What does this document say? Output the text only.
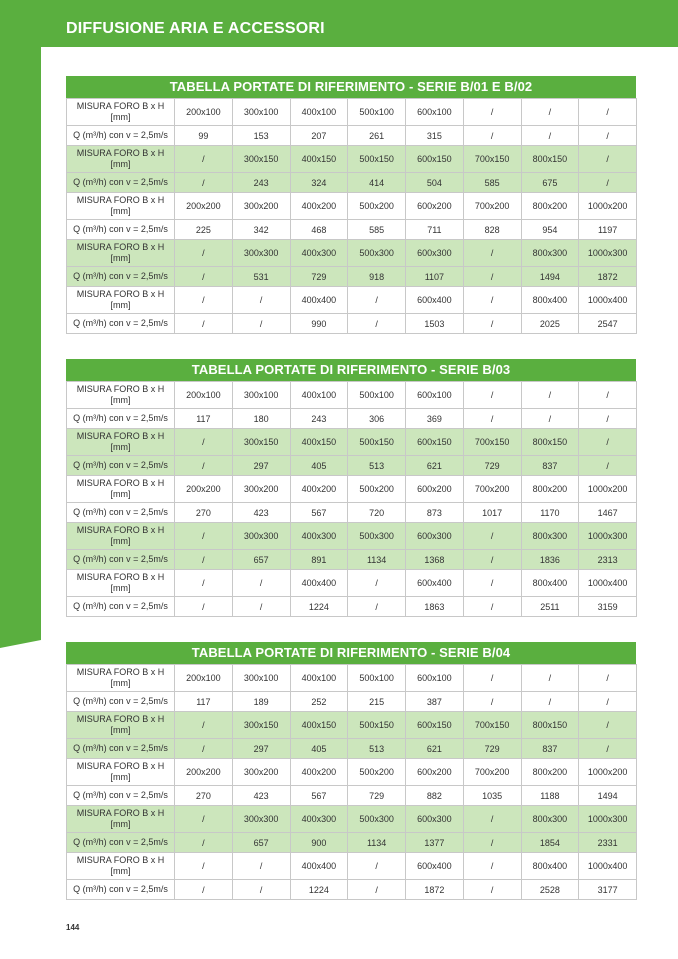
DIFFUSIONE ARIA E ACCESSORI
TABELLA PORTATE DI RIFERIMENTO - SERIE B/01 E B/02
MISURA FORO B x H [mm]	200x100	300x100	400x100	500x100	600x100	/	/	/
Q (m³/h) con v = 2,5m/s	99	153	207	261	315	/	/	/
MISURA FORO B x H [mm]	/	300x150	400x150	500x150	600x150	700x150	800x150	/
Q (m³/h) con v = 2,5m/s	/	243	324	414	504	585	675	/
MISURA FORO B x H [mm]	200x200	300x200	400x200	500x200	600x200	700x200	800x200	1000x200
Q (m³/h) con v = 2,5m/s	225	342	468	585	711	828	954	1197
MISURA FORO B x H [mm]	/	300x300	400x300	500x300	600x300	/	800x300	1000x300
Q (m³/h) con v = 2,5m/s	/	531	729	918	1107	/	1494	1872
MISURA FORO B x H [mm]	/	/	400x400	/	600x400	/	800x400	1000x400
Q (m³/h) con v = 2,5m/s	/	/	990	/	1503	/	2025	2547
TABELLA PORTATE DI RIFERIMENTO - SERIE B/03
MISURA FORO B x H [mm]	200x100	300x100	400x100	500x100	600x100	/	/	/
Q (m³/h) con v = 2,5m/s	117	180	243	306	369	/	/	/
MISURA FORO B x H [mm]	/	300x150	400x150	500x150	600x150	700x150	800x150	/
Q (m³/h) con v = 2,5m/s	/	297	405	513	621	729	837	/
MISURA FORO B x H [mm]	200x200	300x200	400x200	500x200	600x200	700x200	800x200	1000x200
Q (m³/h) con v = 2,5m/s	270	423	567	720	873	1017	1170	1467
MISURA FORO B x H [mm]	/	300x300	400x300	500x300	600x300	/	800x300	1000x300
Q (m³/h) con v = 2,5m/s	/	657	891	1134	1368	/	1836	2313
MISURA FORO B x H [mm]	/	/	400x400	/	600x400	/	800x400	1000x400
Q (m³/h) con v = 2,5m/s	/	/	1224	/	1863	/	2511	3159
TABELLA PORTATE DI RIFERIMENTO - SERIE B/04
MISURA FORO B x H [mm]	200x100	300x100	400x100	500x100	600x100	/	/	/
Q (m³/h) con v = 2,5m/s	117	189	252	215	387	/	/	/
MISURA FORO B x H [mm]	/	300x150	400x150	500x150	600x150	700x150	800x150	/
Q (m³/h) con v = 2,5m/s	/	297	405	513	621	729	837	/
MISURA FORO B x H [mm]	200x200	300x200	400x200	500x200	600x200	700x200	800x200	1000x200
Q (m³/h) con v = 2,5m/s	270	423	567	729	882	1035	1188	1494
MISURA FORO B x H [mm]	/	300x300	400x300	500x300	600x300	/	800x300	1000x300
Q (m³/h) con v = 2,5m/s	/	657	900	1134	1377	/	1854	2331
MISURA FORO B x H [mm]	/	/	400x400	/	600x400	/	800x400	1000x400
Q (m³/h) con v = 2,5m/s	/	/	1224	/	1872	/	2528	3177
144
